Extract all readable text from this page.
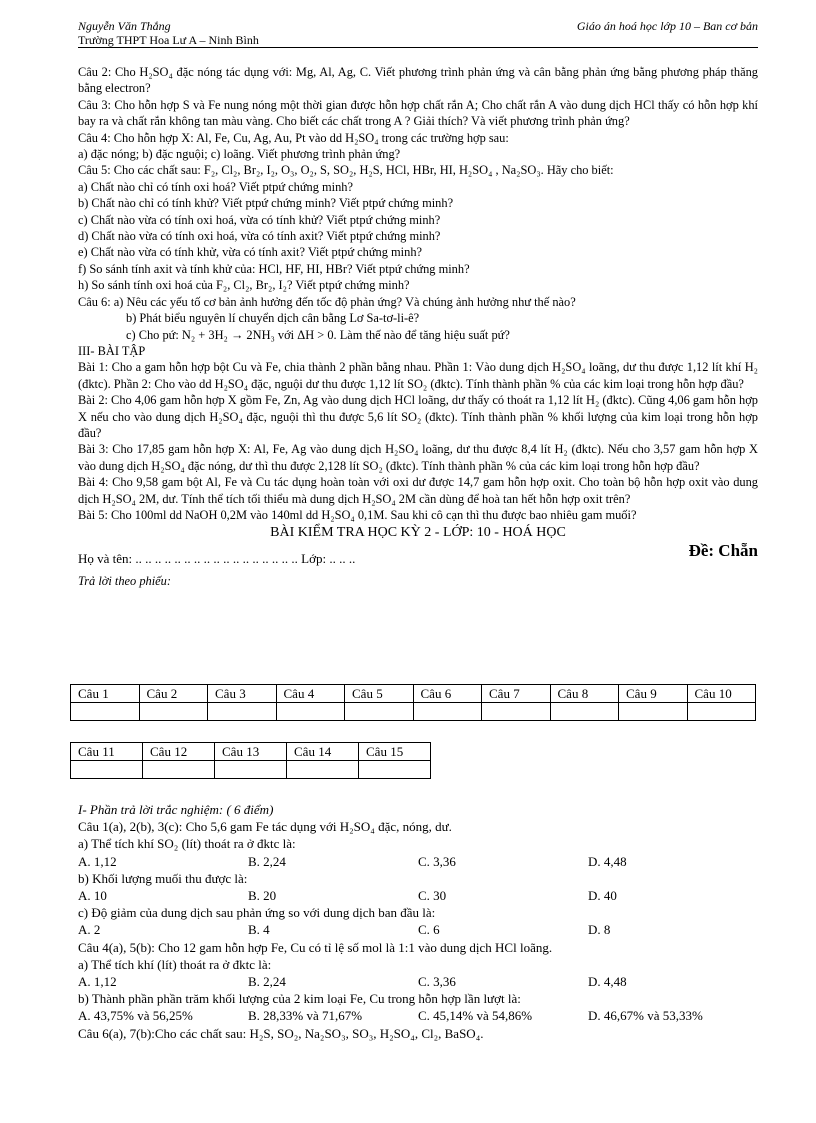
Nguyễn Văn Thắng
Trường THPT Hoa Lư A – Ninh Bình
Giáo án hoá học lớp 10 – Ban cơ bản

Câu 2: Cho H₂SO₄ đặc nóng tác dụng với: Mg, Al, Ag, C. Viết phương trình phản ứng và cân bằng phản ứng bằng phương pháp thăng bằng electron?

Câu 3: Cho hỗn hợp S và Fe nung nóng một thời gian được hỗn hợp chất rắn A; Cho chất rắn A vào dung dịch HCl thấy có hỗn hợp khí bay ra và chất rắn không tan màu vàng. Cho biết các chất trong A ? Giải thích? Và viết phương trình phản ứng?

Câu 4: Cho hỗn hợp X: Al, Fe, Cu, Ag, Au, Pt vào dd H₂SO₄ trong các trường hợp sau:

a) đặc nóng; b) đặc nguội; c) loãng. Viết phương trình phản ứng?

Câu 5: Cho các chất sau: F₂, Cl₂, Br₂, I₂, O₃, O₂, S, SO₂, H₂S, HCl, HBr, HI, H₂SO₄ , Na₂SO₃. Hãy cho biết:

a) Chất nào chỉ có tính oxi hoá? Viết ptpứ chứng minh?

b) Chất nào chỉ có tính khử? Viết ptpứ chứng minh? Viết ptpứ chứng minh?

c) Chất nào vừa có tính oxi hoá, vừa có tính khử? Viết ptpứ chứng minh?

d) Chất nào vừa có tính oxi hoá, vừa có tính axit? Viết ptpứ chứng minh?

e) Chất nào vừa có tính khử, vừa có tính axit? Viết ptpứ chứng minh?

f) So sánh tính axit và tính khử của: HCl, HF, HI, HBr? Viết ptpứ chứng minh?

h) So sánh tính oxi hoá của F₂, Cl₂, Br₂, I₂? Viết ptpứ chứng minh?

Câu 6: a) Nêu các yếu tố cơ bản ảnh hưởng đến tốc độ phản ứng? Và chúng ảnh hưởng như thế nào?

b) Phát biểu nguyên lí chuyển dịch cân bằng Lơ Sa-tơ-li-ê?

c) Cho pứ: N₂ + 3H₂ → 2NH₃ với ΔH > 0. Làm thế nào để tăng hiệu suất pứ?

III- BÀI TẬP

Bài 1: Cho a gam hỗn hợp bột Cu và Fe, chia thành 2 phần bằng nhau. Phần 1: Vào dung dịch H₂SO₄ loãng, dư thu được 1,12 lít khí H₂ (đktc). Phần 2: Cho vào dd H₂SO₄ đặc, nguội dư thu được 1,12 lít SO₂ (đktc). Tính thành phần % của các kim loại trong hỗn hợp đầu?

Bài 2: Cho 4,06 gam hỗn hợp X gồm Fe, Zn, Ag vào dung dịch HCl loãng, dư thấy có thoát ra 1,12 lít H₂ (đktc). Cũng 4,06 gam hỗn hợp X nếu cho vào dung dịch H₂SO₄ đặc, nguội thì thu được 5,6 lít SO₂ (đktc). Tính thành phần % khối lượng của kim loại trong hỗn hợp đầu?

Bài 3: Cho 17,85 gam hỗn hợp X: Al, Fe, Ag vào dung dịch H₂SO₄ loãng, dư thu được 8,4 lít H₂ (đktc). Nếu cho 3,57 gam hỗn hợp X vào dung dịch H₂SO₄ đặc nóng, dư thì thu được 2,128 lít SO₂ (đktc). Tính thành phần % của các kim loại trong hỗn hợp đầu?

Bài 4: Cho 9,58 gam bột Al, Fe và Cu tác dụng hoàn toàn với oxi dư được 14,7 gam hỗn hợp oxit. Cho toàn bộ hỗn hợp oxit vào dung dịch H₂SO₄ 2M, dư. Tính thể tích tối thiểu mà dung dịch H₂SO₄ 2M cần dùng để hoà tan hết hỗn hợp oxit trên?

Bài 5: Cho 100ml dd NaOH 0,2M vào 140ml dd H₂SO₄ 0,1M. Sau khi cô cạn thì thu được bao nhiêu gam muối?

BÀI KIỂM TRA HỌC KỲ 2 - LỚP: 10 - HOÁ HỌC
Họ và tên: .. .. .. .. .. .. .. .. .. .. .. .. .. .. .. .. .. Lớp: .. .. ..	Đề: Chẵn

Trả lời theo phiếu:

Câu 1	Câu 2	Câu 3	Câu 4	Câu 5	Câu 6	Câu 7	Câu 8	Câu 9	Câu 10

Câu 11	Câu 12	Câu 13	Câu 14	Câu 15

I- Phần trả lời trắc nghiệm: ( 6 điểm)

Câu 1(a), 2(b), 3(c): Cho 5,6 gam Fe tác dụng với H₂SO₄ đặc, nóng, dư.

a) Thể tích khí SO₂ (lít) thoát ra ở đktc là:

A. 1,12	B. 2,24	C. 3,36	D. 4,48

b) Khối lượng muối thu được là:

A. 10	B. 20	C. 30	D. 40

c) Độ giảm của dung dịch sau phản ứng so với dung dịch ban đầu là:

A. 2	B. 4	C. 6	D. 8

Câu 4(a), 5(b): Cho 12 gam hỗn hợp Fe, Cu có tỉ lệ số mol là 1:1 vào dung dịch HCl loãng.

a) Thể tích khí (lít) thoát ra ở đktc là:

A. 1,12	B. 2,24	C. 3,36	D. 4,48

b) Thành phần phần trăm khối lượng của 2 kim loại Fe, Cu trong hỗn hợp lần lượt là:

A. 43,75% và 56,25%	B. 28,33% và 71,67%	C. 45,14% và 54,86%	D. 46,67% và 53,33%

Câu 6(a), 7(b):Cho các chất sau: H₂S, SO₂, Na₂SO₃, SO₃, H₂SO₄, Cl₂, BaSO₄.
